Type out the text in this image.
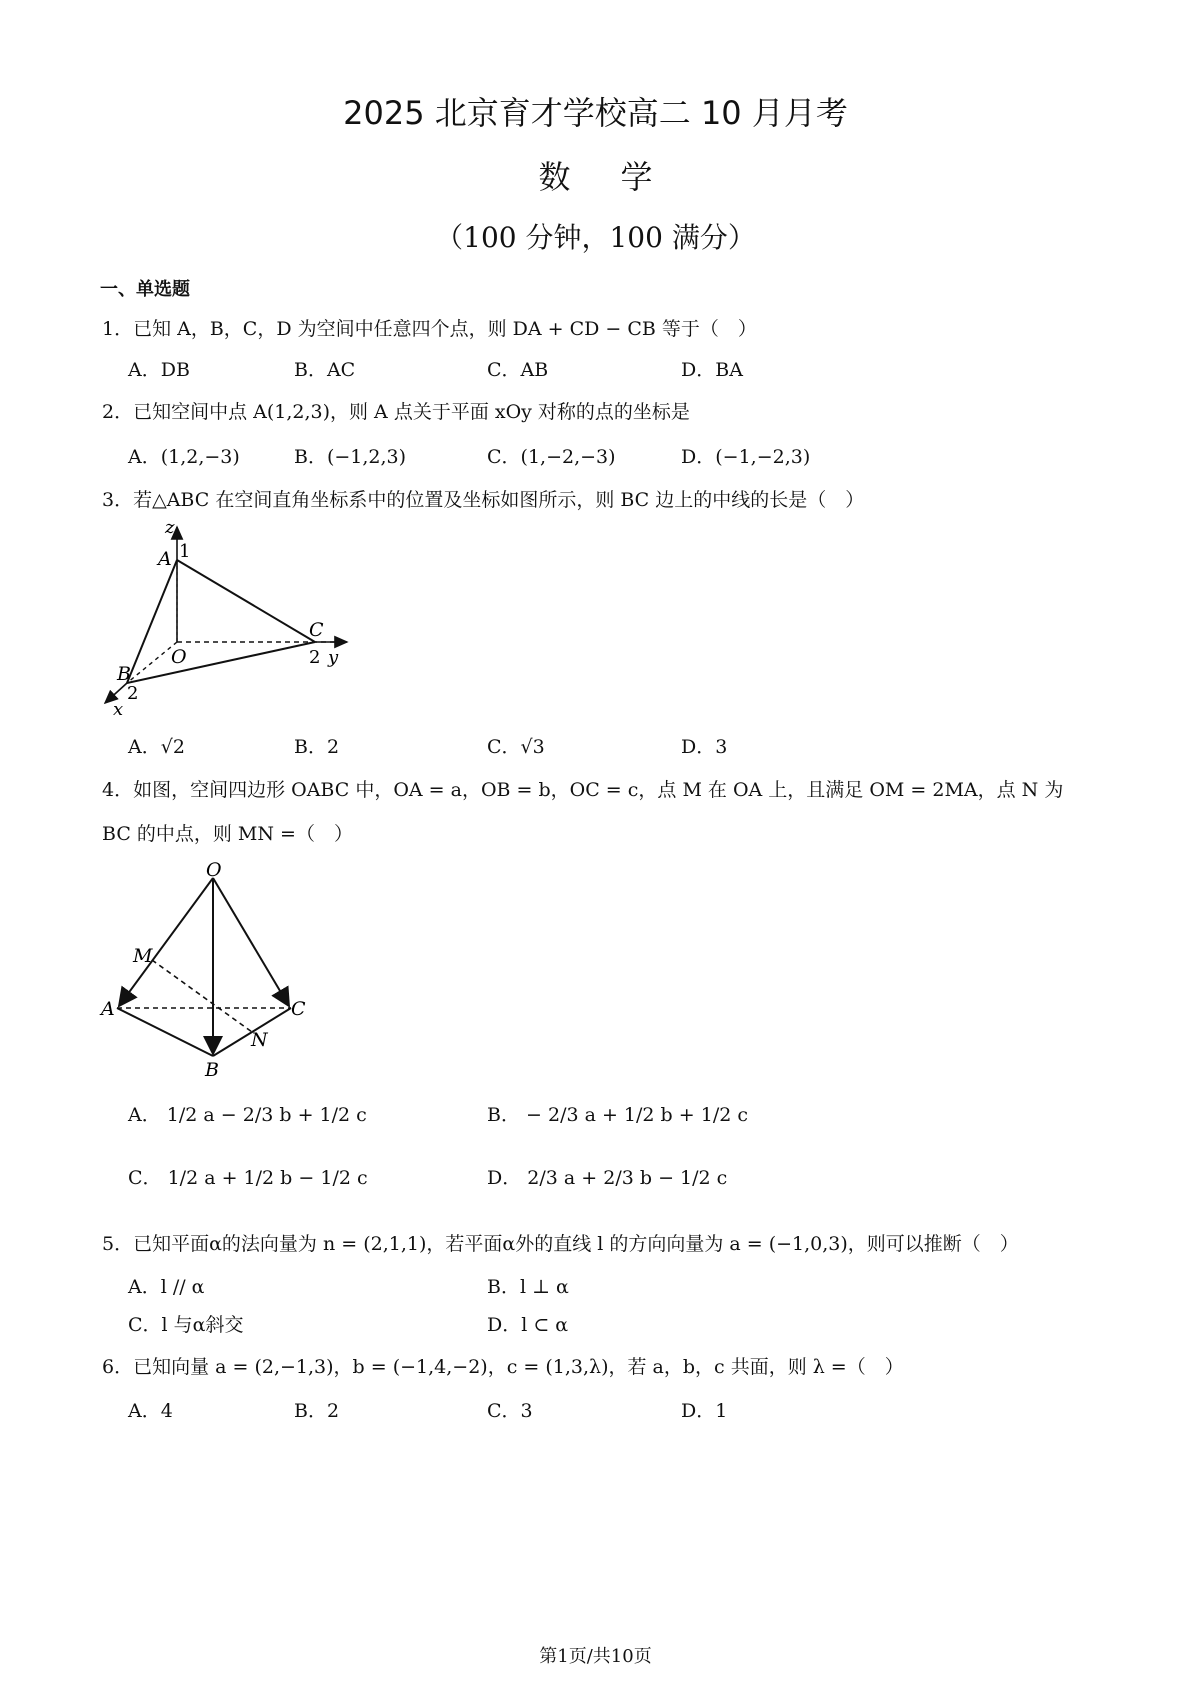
2025 北京育才学校高二 10 月月考
数学
（100 分钟，100 满分）
一、单选题
1．已知 A，B，C，D 为空间中任意四个点，则 DA + CD − CB 等于（　）
A．DB	B．AC	C．AB	D．BA
2．已知空间中点 A(1,2,3)，则 A 点关于平面 xOy 对称的点的坐标是
A．(1,2,−3)	B．(−1,2,3)	C．(1,−2,−3)	D．(−1,−2,3)
3．若△ABC 在空间直角坐标系中的位置及坐标如图所示，则 BC 边上的中线的长是（　）
z
A 1
O
C
2 y
B
2
x
A．√2	B．2	C．√3	D．3
4．如图，空间四边形 OABC 中，OA = a，OB = b，OC = c，点 M 在 OA 上，且满足 OM = 2MA，点 N 为
BC 的中点，则 MN =（　）
O
M
A	C
N
B
A． 1/2 a − 2/3 b + 1/2 c	B． − 2/3 a + 1/2 b + 1/2 c
C． 1/2 a + 1/2 b − 1/2 c	D． 2/3 a + 2/3 b − 1/2 c
5．已知平面α的法向量为 n = (2,1,1)，若平面α外的直线 l 的方向向量为 a = (−1,0,3)，则可以推断（　）
A．l // α	B．l ⊥ α
C．l 与α斜交	D．l ⊂ α
6．已知向量 a = (2,−1,3)，b = (−1,4,−2)，c = (1,3,λ)，若 a，b，c 共面，则 λ =（　）
A．4	B．2	C．3	D．1
第1页/共10页
